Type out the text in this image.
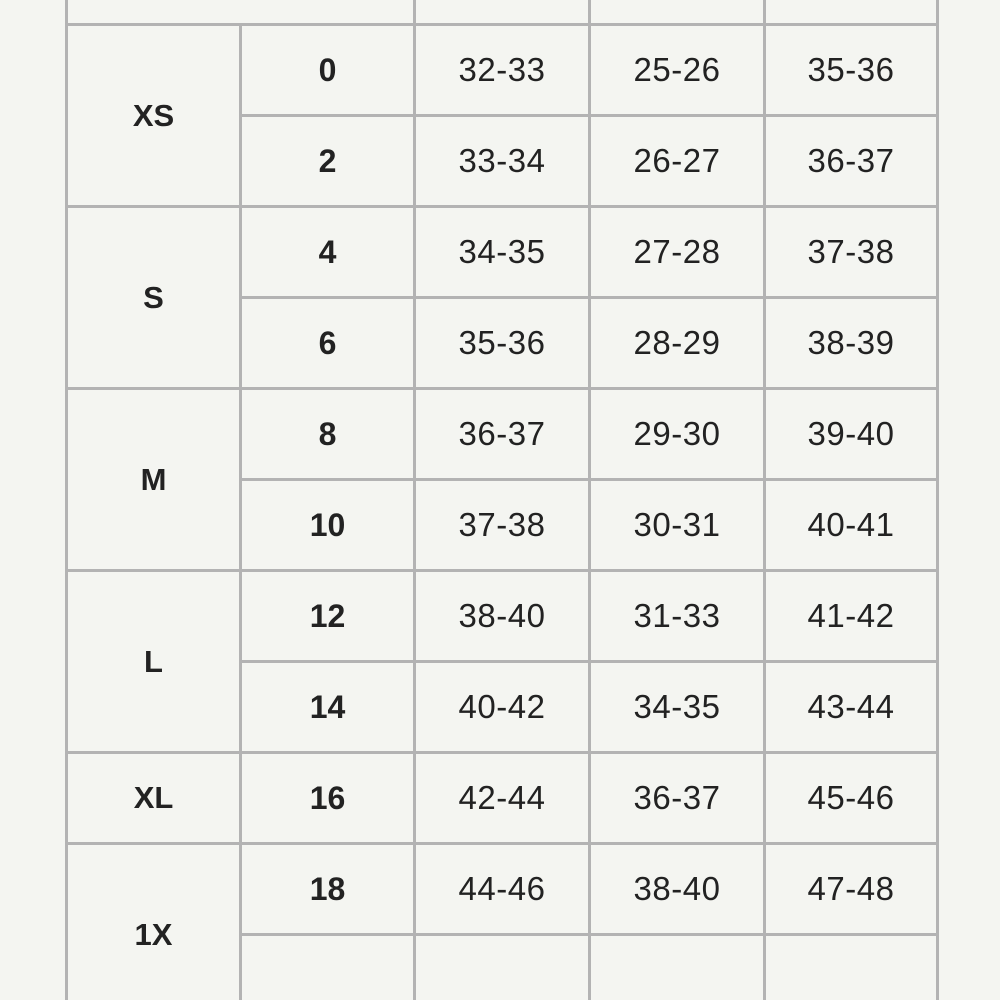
XS	0	32-33	25-26	35-36
	2	33-34	26-27	36-37
S	4	34-35	27-28	37-38
	6	35-36	28-29	38-39
M	8	36-37	29-30	39-40
	10	37-38	30-31	40-41
L	12	38-40	31-33	41-42
	14	40-42	34-35	43-44
XL	16	42-44	36-37	45-46
1X	18	44-46	38-40	47-48
